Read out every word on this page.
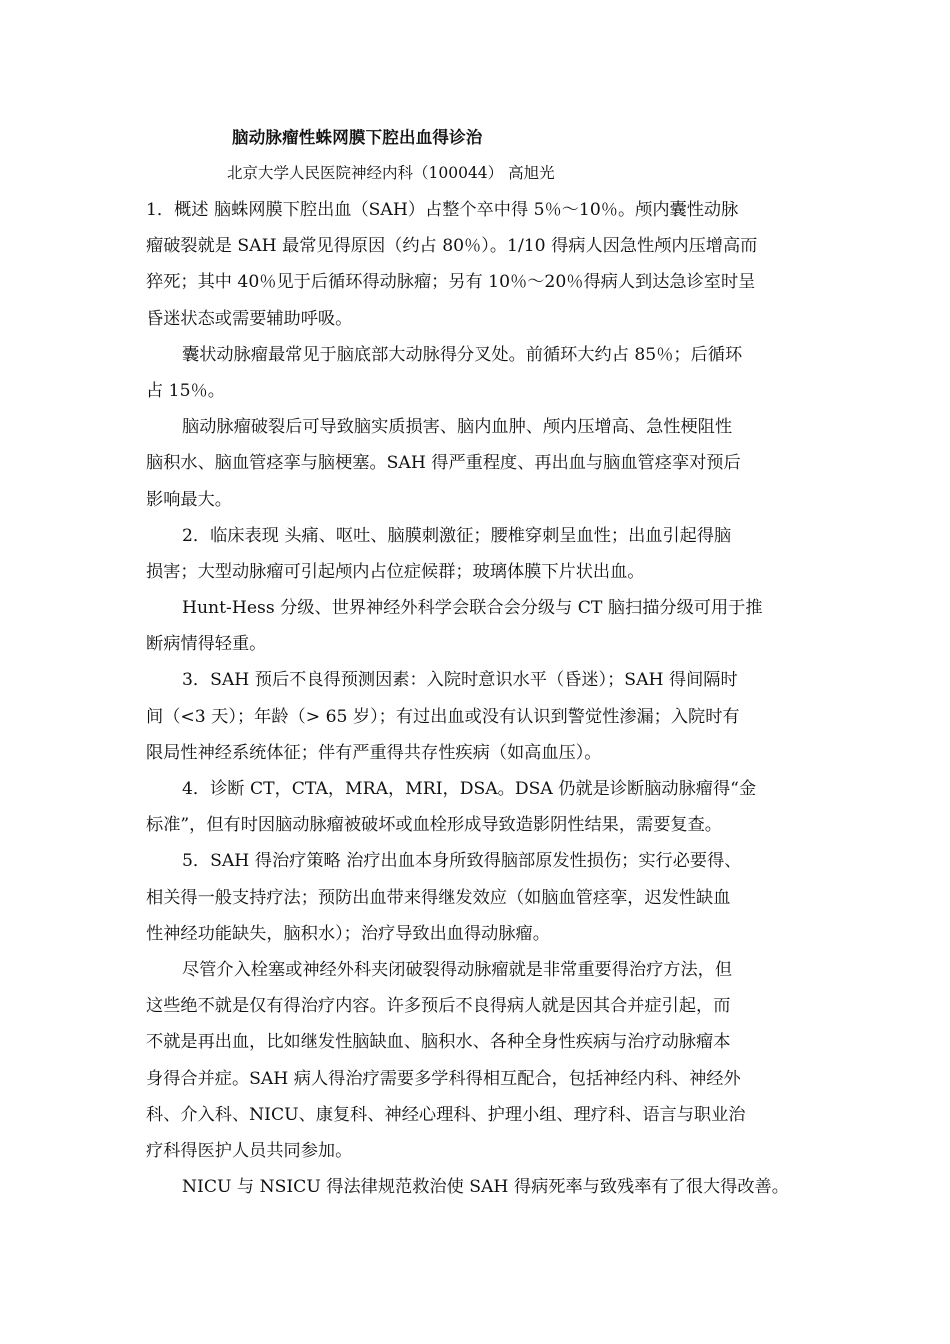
脑动脉瘤性蛛网膜下腔出血得诊治
北京大学人民医院神经内科（100044） 高旭光
1．概述 脑蛛网膜下腔出血（SAH）占整个卒中得 5％～10％。颅内囊性动脉
瘤破裂就是 SAH 最常见得原因（约占 80％）。1/10 得病人因急性颅内压增高而
猝死；其中 40％见于后循环得动脉瘤；另有 10％～20％得病人到达急诊室时呈
昏迷状态或需要辅助呼吸。
囊状动脉瘤最常见于脑底部大动脉得分叉处。前循环大约占 85％；后循环
占 15％。
脑动脉瘤破裂后可导致脑实质损害、脑内血肿、颅内压增高、急性梗阻性
脑积水、脑血管痉挛与脑梗塞。SAH 得严重程度、再出血与脑血管痉挛对预后
影响最大。
2．临床表现 头痛、呕吐、脑膜刺激征；腰椎穿刺呈血性；出血引起得脑
损害；大型动脉瘤可引起颅内占位症候群；玻璃体膜下片状出血。
Hunt-Hess 分级、世界神经外科学会联合会分级与 CT 脑扫描分级可用于推
断病情得轻重。
3．SAH 预后不良得预测因素：入院时意识水平（昏迷）；SAH 得间隔时
间（<3 天）；年龄（> 65 岁）；有过出血或没有认识到警觉性渗漏；入院时有
限局性神经系统体征；伴有严重得共存性疾病（如高血压）。
4．诊断 CT，CTA，MRA，MRI，DSA。DSA 仍就是诊断脑动脉瘤得“金
标准”，但有时因脑动脉瘤被破坏或血栓形成导致造影阴性结果，需要复查。
5．SAH 得治疗策略 治疗出血本身所致得脑部原发性损伤；实行必要得、
相关得一般支持疗法；预防出血带来得继发效应（如脑血管痉挛，迟发性缺血
性神经功能缺失，脑积水）；治疗导致出血得动脉瘤。
尽管介入栓塞或神经外科夹闭破裂得动脉瘤就是非常重要得治疗方法，但
这些绝不就是仅有得治疗内容。许多预后不良得病人就是因其合并症引起，而
不就是再出血，比如继发性脑缺血、脑积水、各种全身性疾病与治疗动脉瘤本
身得合并症。SAH 病人得治疗需要多学科得相互配合，包括神经内科、神经外
科、介入科、NICU、康复科、神经心理科、护理小组、理疗科、语言与职业治
疗科得医护人员共同参加。
NICU 与 NSICU 得法律规范救治使 SAH 得病死率与致残率有了很大得改善。
